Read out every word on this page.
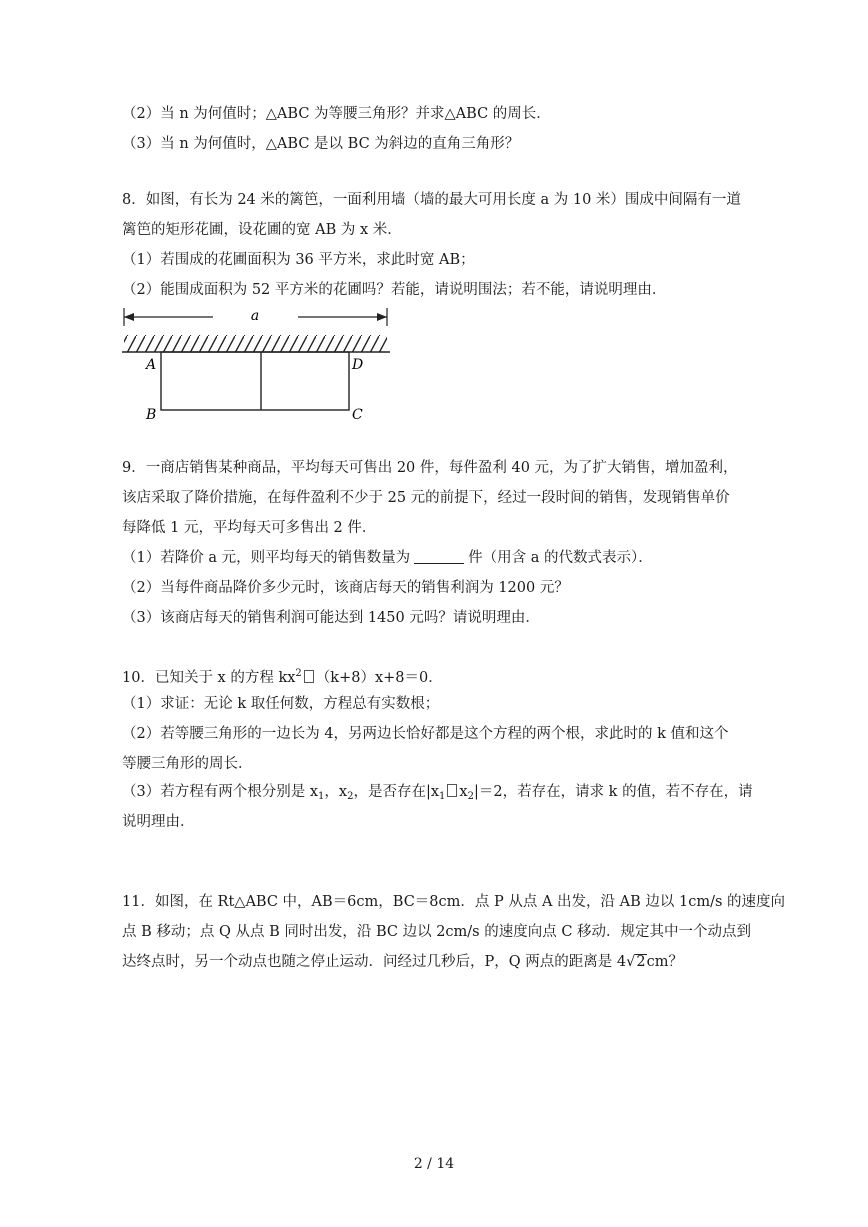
（2）当 n 为何值时；△ABC 为等腰三角形？并求△ABC 的周长．
（3）当 n 为何值时，△ABC 是以 BC 为斜边的直角三角形？
8．如图，有长为 24 米的篱笆，一面利用墙（墙的最大可用长度 a 为 10 米）围成中间隔有一道
篱笆的矩形花圃，设花圃的宽 AB 为 x 米．
（1）若围成的花圃面积为 36 平方米，求此时宽 AB；
（2）能围成面积为 52 平方米的花圃吗？若能，请说明围法；若不能，请说明理由．
a
A
B
D
C
9．一商店销售某种商品，平均每天可售出 20 件，每件盈利 40 元，为了扩大销售，增加盈利，
该店采取了降价措施，在每件盈利不少于 25 元的前提下，经过一段时间的销售，发现销售单价
每降低 1 元，平均每天可多售出 2 件．
（1）若降价 a 元，则平均每天的销售数量为	件（用含 a 的代数式表示）．
（2）当每件商品降价多少元时，该商店每天的销售利润为 1200 元？
（3）该商店每天的销售利润可能达到 1450 元吗？请说明理由．
10．已知关于 x 的方程 $kx^2$ （k+8）x+8＝0．
（1）求证：无论 k 取任何数，方程总有实数根；
（2）若等腰三角形的一边长为 4，另两边长恰好都是这个方程的两个根，求此时的 k 值和这个
等腰三角形的周长．
（3）若方程有两个根分别是 $x_1$，$x_2$，是否存在$|x_1$ $x_2|=2$，若存在，请求 k 的值，若不存在，请
说明理由．
11．如图，在 Rt△ABC 中，AB＝6cm，BC＝8cm．点 P 从点 A 出发，沿 AB 边以 1cm/s 的速度向
点 B 移动；点 Q 从点 B 同时出发，沿 BC 边以 2cm/s 的速度向点 C 移动．规定其中一个动点到
达终点时，另一个动点也随之停止运动．问经过几秒后，P，Q 两点的距离是 4√2cm？
2 / 14
